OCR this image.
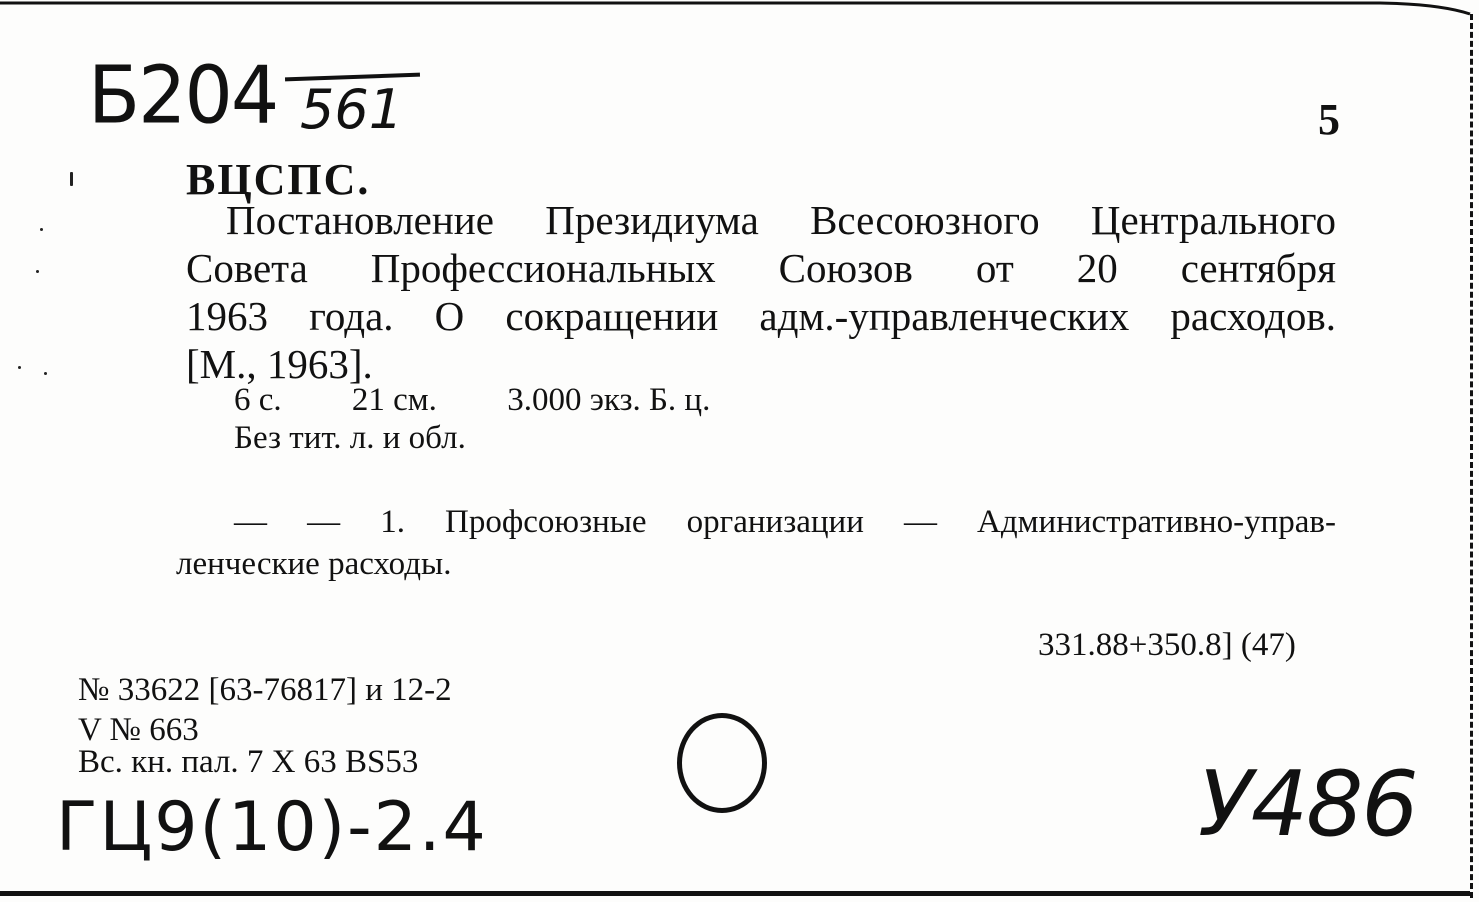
Б204 561	5
ВЦСПС.
Постановление Президиума Всесоюзного Центрального
Совета Профессиональных Союзов от 20 сентября
1963 года. О сокращении адм.-управленческих расходов.
[М., 1963].
6 с. 21 см. 3.000 экз. Б. ц.
Без тит. л. и обл.
— — 1. Профсоюзные организации — Административно-управ-
ленческие расходы.
331.88+350.8] (47)
№ 33622 [63-76817] и 12-2
V № 663
Вс. кн. пал. 7 X 63 BS53
ГЦ9(10)-2.4	У486
